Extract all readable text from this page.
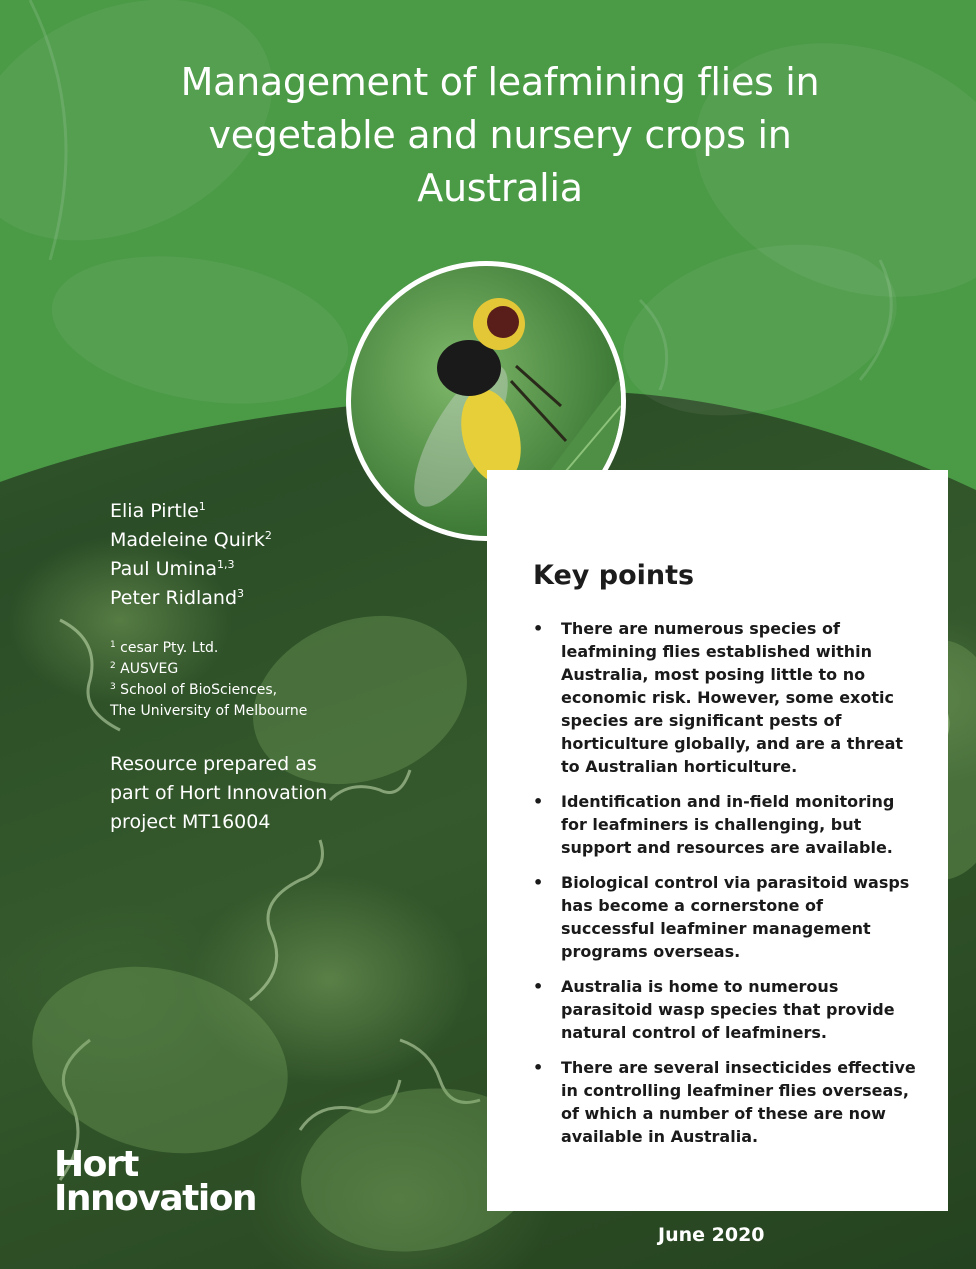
Management of leafmining flies in vegetable and nursery crops in Australia
Elia Pirtle$^1$
Madeleine Quirk$^2$
Paul Umina$^{1,3}$
Peter Ridland$^3$
$^1$ cesar Pty. Ltd.
$^2$ AUSVEG
$^3$ School of BioSciences,
The University of Melbourne
Resource prepared as
part of Hort Innovation
project MT16004
Key points
• There are numerous species of leafmining flies established within Australia, most posing little to no economic risk. However, some exotic species are significant pests of horticulture globally, and are a threat to Australian horticulture.
• Identification and in-field monitoring for leafminers is challenging, but support and resources are available.
• Biological control via parasitoid wasps has become a cornerstone of successful leafminer management programs overseas.
• Australia is home to numerous parasitoid wasp species that provide natural control of leafminers.
• There are several insecticides effective in controlling leafminer flies overseas, of which a number of these are now available in Australia.
Hort
Innovation
June 2020
